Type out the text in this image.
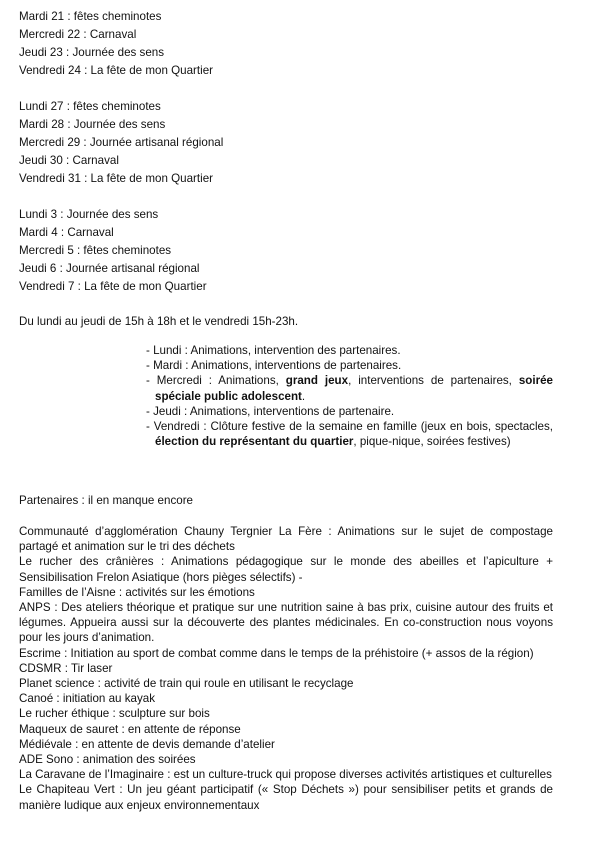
Mardi 21 : fêtes cheminotes
Mercredi 22 : Carnaval
Jeudi 23 : Journée des sens
Vendredi 24 : La fête de mon Quartier
Lundi 27 : fêtes cheminotes
Mardi 28 : Journée des sens
Mercredi 29 : Journée artisanal régional
Jeudi 30 : Carnaval
Vendredi 31 : La fête de mon Quartier
Lundi 3 : Journée des sens
Mardi 4 : Carnaval
Mercredi 5 : fêtes cheminotes
Jeudi 6 : Journée artisanal régional
Vendredi 7 : La fête de mon Quartier
Du lundi au jeudi de 15h à 18h et le vendredi 15h-23h.
- Lundi : Animations, intervention des partenaires.
- Mardi : Animations, interventions de partenaires.
- Mercredi : Animations, grand jeux, interventions de partenaires, soirée spéciale public adolescent.
- Jeudi : Animations, interventions de partenaire.
- Vendredi : Clôture festive de la semaine en famille (jeux en bois, spectacles, élection du représentant du quartier, pique-nique, soirées festives)
Partenaires : il en manque encore
Communauté d’agglomération Chauny Tergnier La Fère : Animations sur le sujet de compostage partagé et animation sur le tri des déchets
Le rucher des crânières : Animations pédagogique sur le monde des abeilles et l’apiculture + Sensibilisation Frelon Asiatique (hors pièges sélectifs) -
Familles de l’Aisne : activités sur les émotions
ANPS : Des ateliers théorique et pratique sur une nutrition saine à bas prix, cuisine autour des fruits et légumes. Appueira aussi sur la découverte des plantes médicinales. En co-construction nous voyons pour les jours d’animation.
Escrime : Initiation au sport de combat comme dans le temps de la préhistoire (+ assos de la région)
CDSMR : Tir laser
Planet science : activité de train qui roule en utilisant le recyclage
Canoé : initiation au kayak
Le rucher éthique : sculpture sur bois
Maqueux de sauret : en attente de réponse
Médiévale : en attente de devis demande d’atelier
ADE Sono : animation des soirées
La Caravane de l’Imaginaire : est un culture-truck qui propose diverses activités artistiques et culturelles
Le Chapiteau Vert : Un jeu géant participatif (« Stop Déchets ») pour sensibiliser petits et grands de manière ludique aux enjeux environnementaux
